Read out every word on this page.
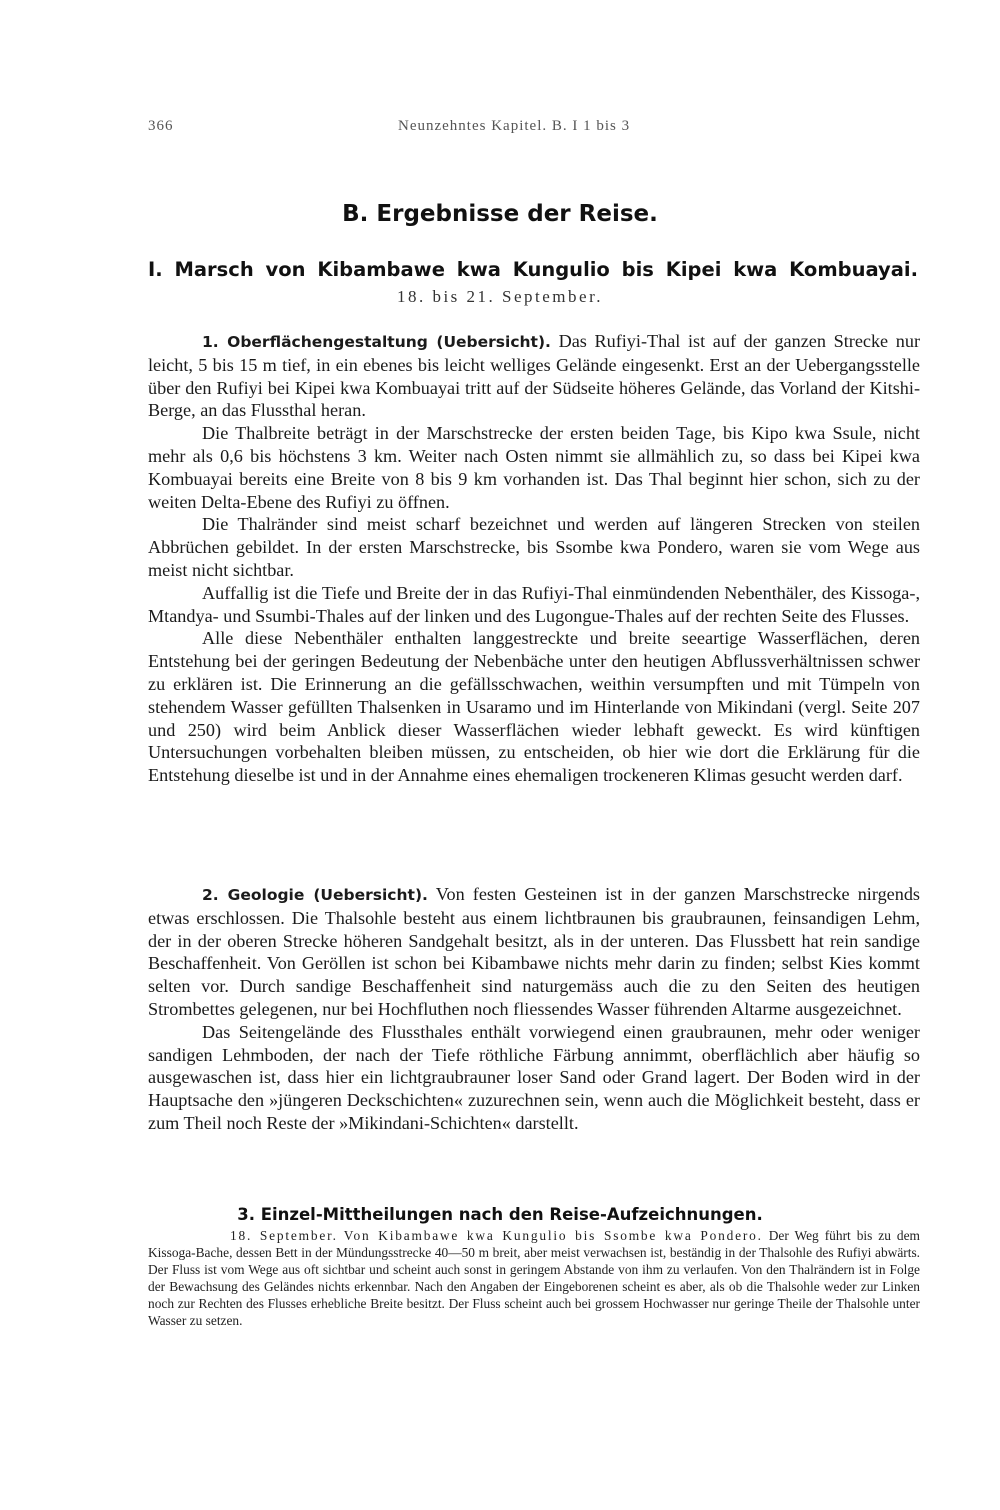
366	Neunzehntes Kapitel. B. I 1 bis 3
B. Ergebnisse der Reise.
I. Marsch von Kibambawe kwa Kungulio bis Kipei kwa Kombuayai.
18. bis 21. September.

1. Oberflächengestaltung (Uebersicht). Das Rufiyi-Thal ist auf der ganzen Strecke nur leicht, 5 bis 15 m tief, in ein ebenes bis leicht welliges Gelände eingesenkt. Erst an der Uebergangsstelle über den Rufiyi bei Kipei kwa Kombuayai tritt auf der Südseite höheres Gelände, das Vorland der Kitshi-Berge, an das Flussthal heran.

Die Thalbreite beträgt in der Marschstrecke der ersten beiden Tage, bis Kipo kwa Ssule, nicht mehr als 0,6 bis höchstens 3 km. Weiter nach Osten nimmt sie allmählich zu, so dass bei Kipei kwa Kombuayai bereits eine Breite von 8 bis 9 km vorhanden ist. Das Thal beginnt hier schon, sich zu der weiten Delta-Ebene des Rufiyi zu öffnen.

Die Thalränder sind meist scharf bezeichnet und werden auf längeren Strecken von steilen Abbrüchen gebildet. In der ersten Marschstrecke, bis Ssombe kwa Pondero, waren sie vom Wege aus meist nicht sichtbar.

Auffallig ist die Tiefe und Breite der in das Rufiyi-Thal einmündenden Nebenthäler, des Kissoga-, Mtandya- und Ssumbi-Thales auf der linken und des Lugongue-Thales auf der rechten Seite des Flusses.

Alle diese Nebenthäler enthalten langgestreckte und breite seeartige Wasserflächen, deren Entstehung bei der geringen Bedeutung der Nebenbäche unter den heutigen Abflussverhältnissen schwer zu erklären ist. Die Erinnerung an die gefällsschwachen, weithin versumpften und mit Tümpeln von stehendem Wasser gefüllten Thalsenken in Usaramo und im Hinterlande von Mikindani (vergl. Seite 207 und 250) wird beim Anblick dieser Wasserflächen wieder lebhaft geweckt. Es wird künftigen Untersuchungen vorbehalten bleiben müssen, zu entscheiden, ob hier wie dort die Erklärung für die Entstehung dieselbe ist und in der Annahme eines ehemaligen trockeneren Klimas gesucht werden darf.

2. Geologie (Uebersicht). Von festen Gesteinen ist in der ganzen Marschstrecke nirgends etwas erschlossen. Die Thalsohle besteht aus einem lichtbraunen bis graubraunen, feinsandigen Lehm, der in der oberen Strecke höheren Sandgehalt besitzt, als in der unteren. Das Flussbett hat rein sandige Beschaffenheit. Von Geröllen ist schon bei Kibambawe nichts mehr darin zu finden; selbst Kies kommt selten vor. Durch sandige Beschaffenheit sind naturgemäss auch die zu den Seiten des heutigen Strombettes gelegenen, nur bei Hochfluthen noch fliessendes Wasser führenden Altarme ausgezeichnet.

Das Seitengelände des Flussthales enthält vorwiegend einen graubraunen, mehr oder weniger sandigen Lehmboden, der nach der Tiefe röthliche Färbung annimmt, oberflächlich aber häufig so ausgewaschen ist, dass hier ein lichtgraubrauner loser Sand oder Grand lagert. Der Boden wird in der Hauptsache den »jüngeren Deckschichten« zuzurechnen sein, wenn auch die Möglichkeit besteht, dass er zum Theil noch Reste der »Mikindani-Schichten« darstellt.

3. Einzel-Mittheilungen nach den Reise-Aufzeichnungen.

18. September. Von Kibambawe kwa Kungulio bis Ssombe kwa Pondero. Der Weg führt bis zu dem Kissoga-Bache, dessen Bett in der Mündungsstrecke 40—50 m breit, aber meist verwachsen ist, beständig in der Thalsohle des Rufiyi abwärts. Der Fluss ist vom Wege aus oft sichtbar und scheint auch sonst in geringem Abstande von ihm zu verlaufen. Von den Thalrändern ist in Folge der Bewachsung des Geländes nichts erkennbar. Nach den Angaben der Eingeborenen scheint es aber, als ob die Thalsohle weder zur Linken noch zur Rechten des Flusses erhebliche Breite besitzt. Der Fluss scheint auch bei grossem Hochwasser nur geringe Theile der Thalsohle unter Wasser zu setzen.
